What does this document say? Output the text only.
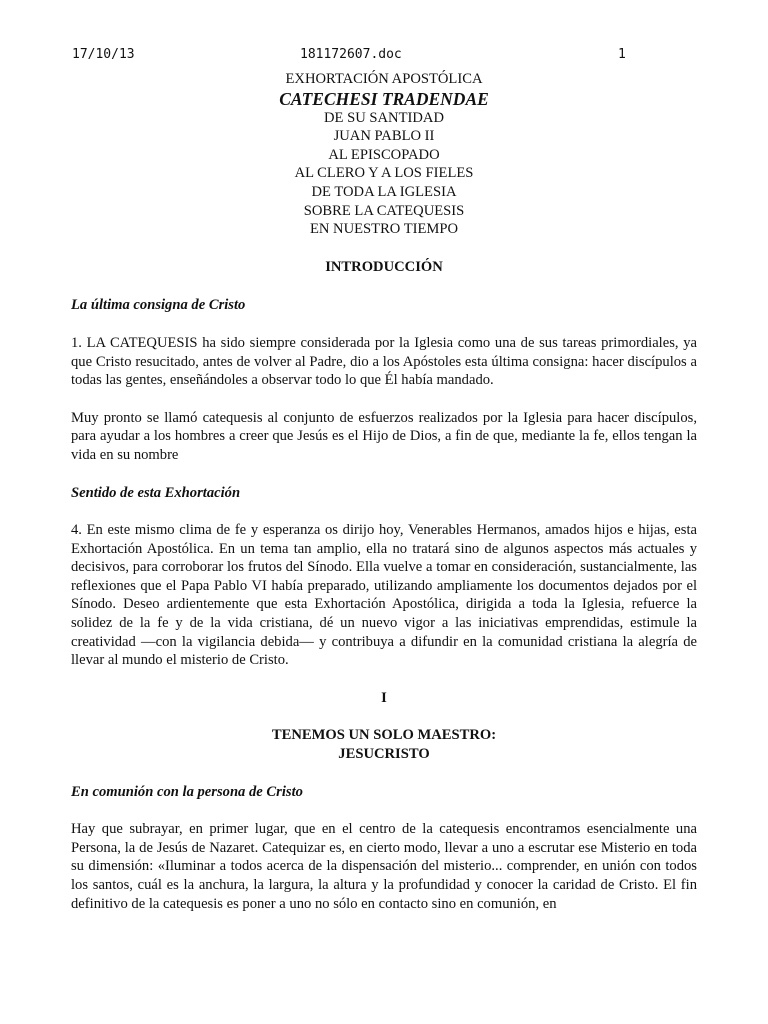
17/10/13	181172607.doc	1
EXHORTACIÓN APOSTÓLICA
CATECHESI TRADENDAE
DE SU SANTIDAD
JUAN PABLO II
AL EPISCOPADO
AL CLERO Y A LOS FIELES
DE TODA LA IGLESIA
SOBRE LA CATEQUESIS
EN NUESTRO TIEMPO
INTRODUCCIÓN
La última consigna de Cristo

1. LA CATEQUESIS ha sido siempre considerada por la Iglesia como una de sus tareas primordiales, ya que Cristo resucitado, antes de volver al Padre, dio a los Apóstoles esta última consigna: hacer discípulos a todas las gentes, enseñándoles a observar todo lo que Él había mandado.

Muy pronto se llamó catequesis al conjunto de esfuerzos realizados por la Iglesia para hacer discípulos, para ayudar a los hombres a creer que Jesús es el Hijo de Dios, a fin de que, mediante la fe, ellos tengan la vida en su nombre

Sentido de esta Exhortación

4. En este mismo clima de fe y esperanza os dirijo hoy, Venerables Hermanos, amados hijos e hijas, esta Exhortación Apostólica. En un tema tan amplio, ella no tratará sino de algunos aspectos más actuales y decisivos, para corroborar los frutos del Sínodo. Ella vuelve a tomar en consideración, sustancialmente, las reflexiones que el Papa Pablo VI había preparado, utilizando ampliamente los documentos dejados por el Sínodo. Deseo ardientemente que esta Exhortación Apostólica, dirigida a toda la Iglesia, refuerce la solidez de la fe y de la vida cristiana, dé un nuevo vigor a las iniciativas emprendidas, estimule la creatividad —con la vigilancia debida— y contribuya a difundir en la comunidad cristiana la alegría de llevar al mundo el misterio de Cristo.

I
TENEMOS UN SOLO MAESTRO:
JESUCRISTO
En comunión con la persona de Cristo

Hay que subrayar, en primer lugar, que en el centro de la catequesis encontramos esencialmente una Persona, la de Jesús de Nazaret. Catequizar es, en cierto modo, llevar a uno a escrutar ese Misterio en toda su dimensión: «Iluminar a todos acerca de la dispensación del misterio... comprender, en unión con todos los santos, cuál es la anchura, la largura, la altura y la profundidad y conocer la caridad de Cristo. El fin definitivo de la catequesis es poner a uno no sólo en contacto sino en comunión, en
